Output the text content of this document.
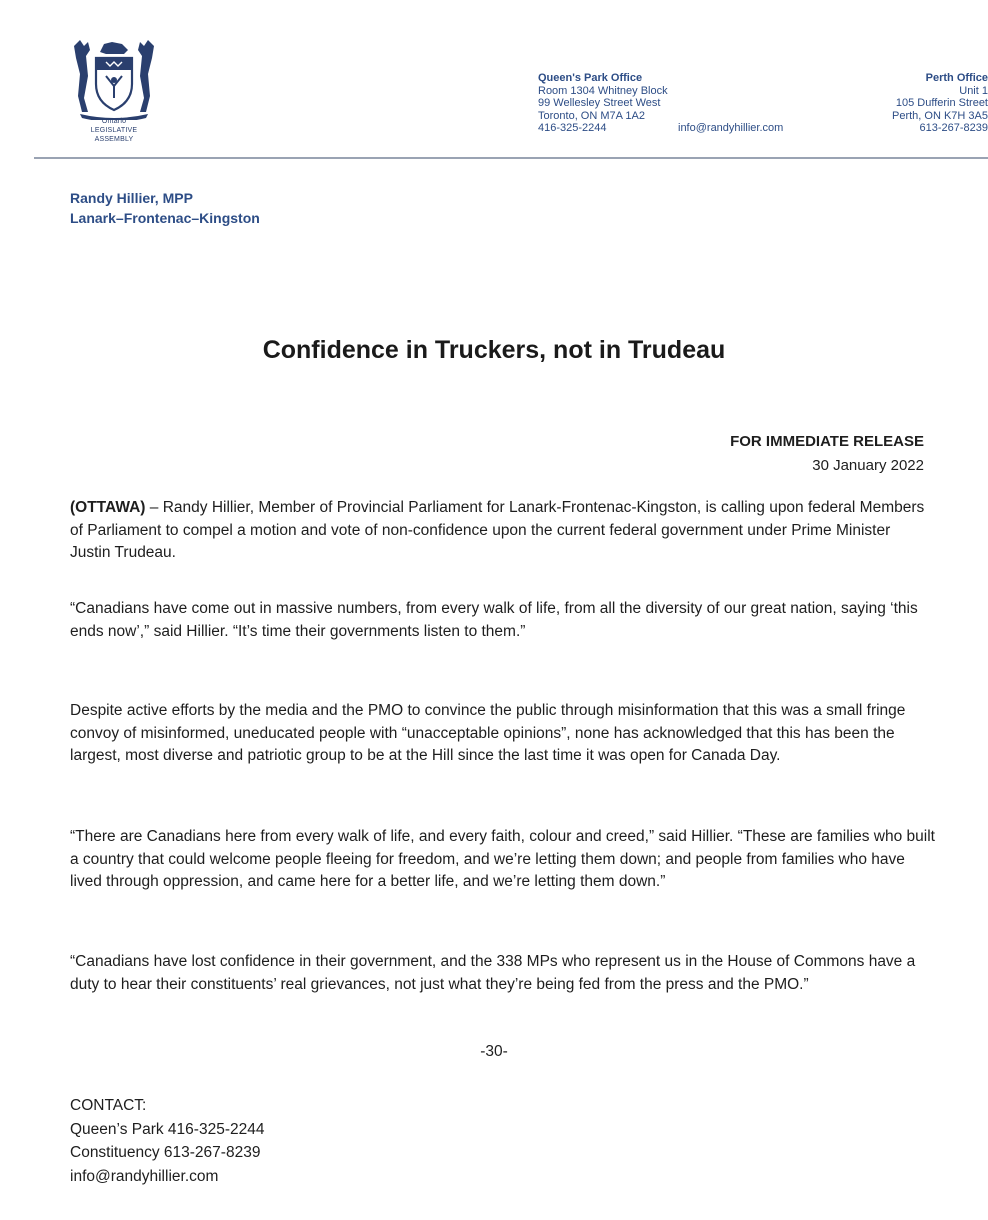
Ontario
LEGISLATIVE
ASSEMBLY
Queen's Park Office
Room 1304 Whitney Block
99 Wellesley Street West
Toronto, ON M7A 1A2
416-325-2244	info@randyhillier.com
Perth Office
Unit 1
105 Dufferin Street
Perth, ON K7H 3A5
613-267-8239
Randy Hillier, MPP
Lanark–Frontenac–Kingston
Confidence in Truckers, not in Trudeau
FOR IMMEDIATE RELEASE
30 January 2022

(OTTAWA) – Randy Hillier, Member of Provincial Parliament for Lanark-Frontenac-Kingston, is calling upon federal Members of Parliament to compel a motion and vote of non-confidence upon the current federal government under Prime Minister Justin Trudeau.

“Canadians have come out in massive numbers, from every walk of life, from all the diversity of our great nation, saying ‘this ends now’,” said Hillier. “It’s time their governments listen to them.”

Despite active efforts by the media and the PMO to convince the public through misinformation that this was a small fringe convoy of misinformed, uneducated people with “unacceptable opinions”, none has acknowledged that this has been the largest, most diverse and patriotic group to be at the Hill since the last time it was open for Canada Day.

“There are Canadians here from every walk of life, and every faith, colour and creed,” said Hillier. “These are families who built a country that could welcome people fleeing for freedom, and we’re letting them down; and people from families who have lived through oppression, and came here for a better life, and we’re letting them down.”

“Canadians have lost confidence in their government, and the 338 MPs who represent us in the House of Commons have a duty to hear their constituents’ real grievances, not just what they’re being fed from the press and the PMO.”

-30-
CONTACT:
Queen’s Park 416-325-2244
Constituency 613-267-8239
info@randyhillier.com
